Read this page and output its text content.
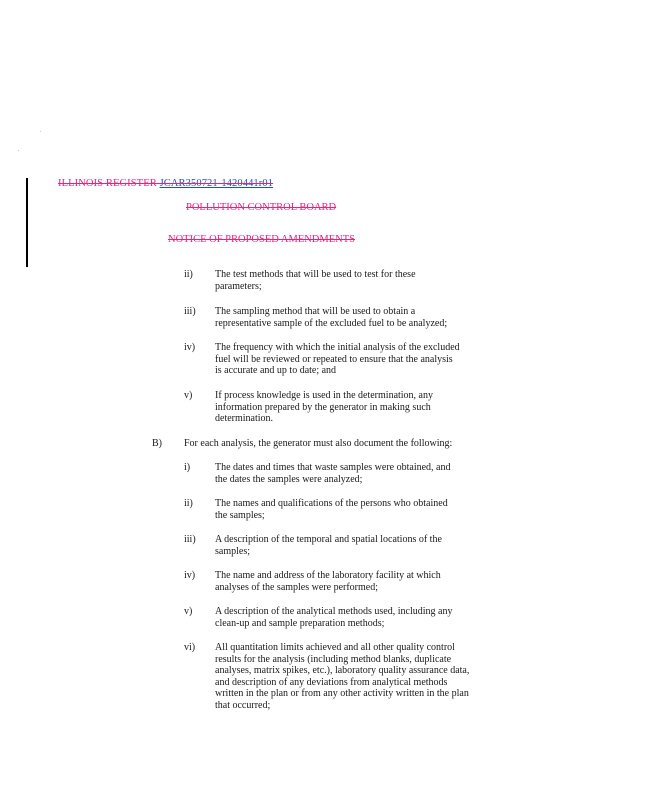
ILLINOIS REGISTER JCAR350721-1420441r01
POLLUTION CONTROL BOARD
NOTICE OF PROPOSED AMENDMENTS
ii) The test methods that will be used to test for these parameters;
iii) The sampling method that will be used to obtain a representative sample of the excluded fuel to be analyzed;
iv) The frequency with which the initial analysis of the excluded fuel will be reviewed or repeated to ensure that the analysis is accurate and up to date; and
v) If process knowledge is used in the determination, any information prepared by the generator in making such determination.
B) For each analysis, the generator must also document the following:
i) The dates and times that waste samples were obtained, and the dates the samples were analyzed;
ii) The names and qualifications of the persons who obtained the samples;
iii) A description of the temporal and spatial locations of the samples;
iv) The name and address of the laboratory facility at which analyses of the samples were performed;
v) A description of the analytical methods used, including any clean-up and sample preparation methods;
vi) All quantitation limits achieved and all other quality control results for the analysis (including method blanks, duplicate analyses, matrix spikes, etc.), laboratory quality assurance data, and description of any deviations from analytical methods written in the plan or from any other activity written in the plan that occurred;
